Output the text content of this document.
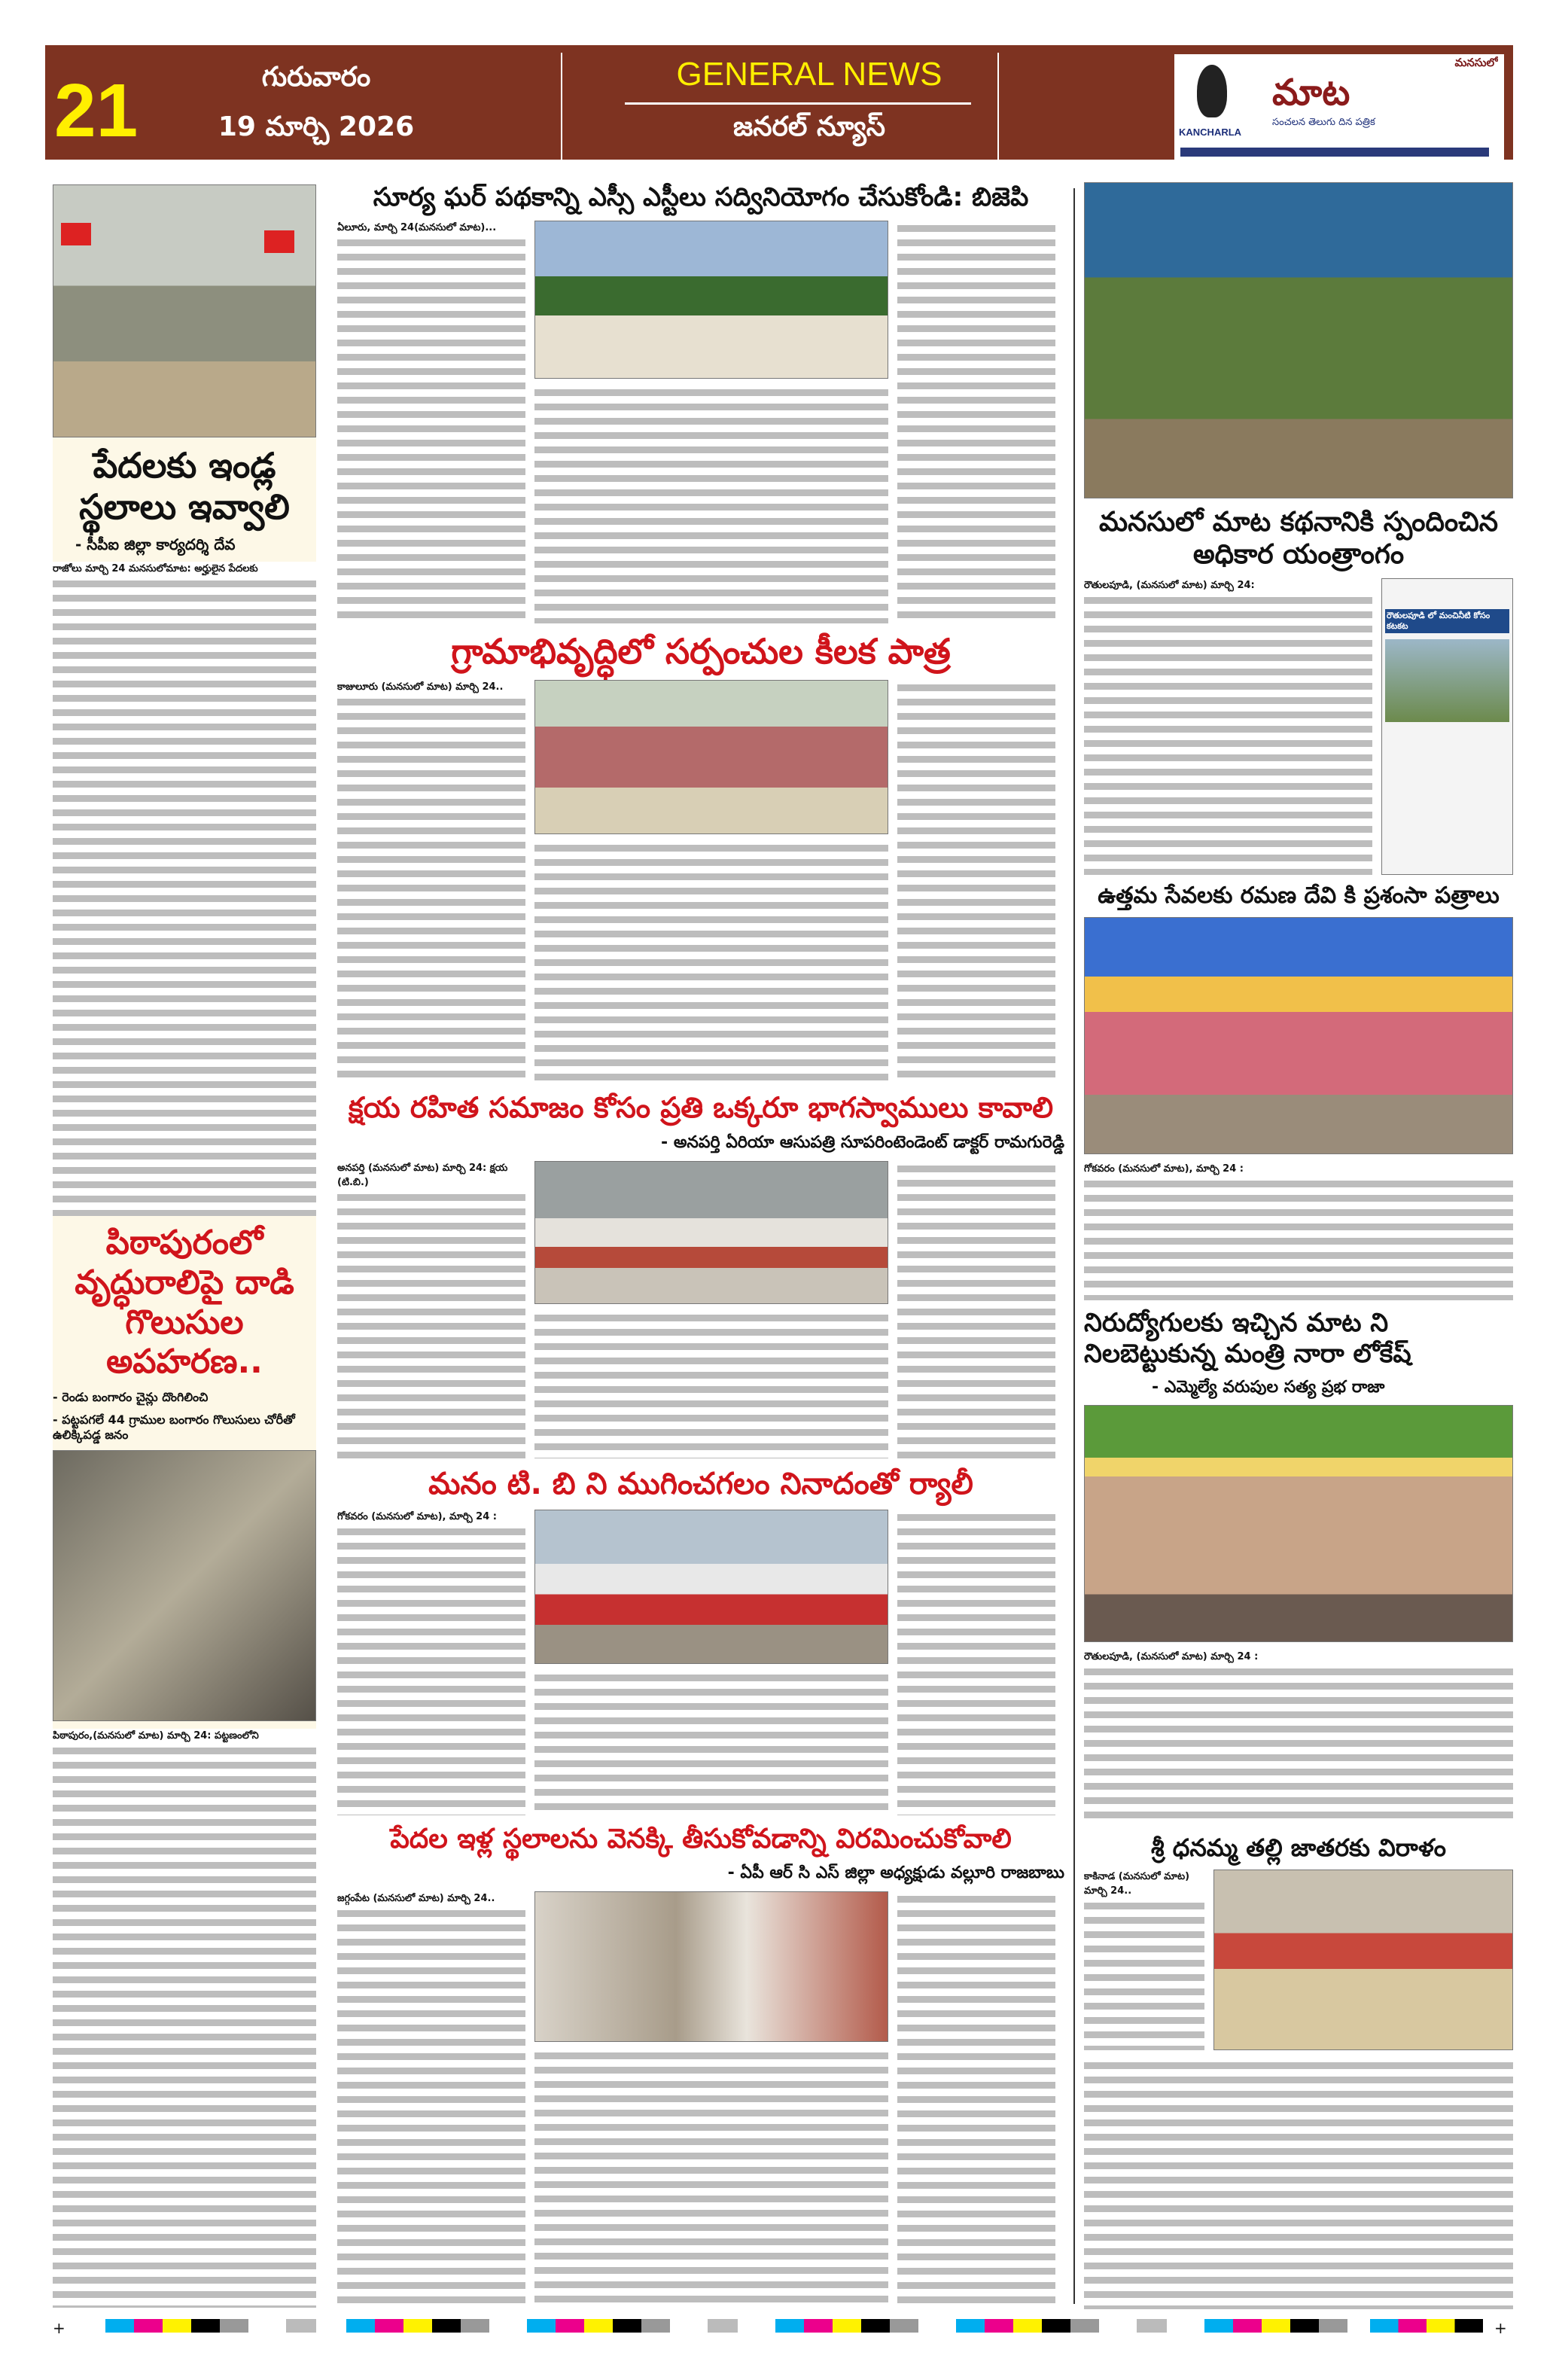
21	గురువారం
19 మార్చి 2026
GENERAL NEWS
జనరల్ న్యూస్	KANCHARLA
మనసులో
మాట
సంచలన తెలుగు దిన పత్రిక
పేదలకు ఇండ్ల స్థలాలు ఇవ్వాలి
- సీపీఐ జిల్లా కార్యదర్శి దేవ
రాజోలు మార్చి 24 మనసులోమాట: అర్హులైన పేదలకు
పిఠాపురంలో వృద్ధురాలిపై దాడి గొలుసుల అపహరణ..
- రెండు బంగారం చైన్లు దొంగిలించి
- పట్టపగలే 44 గ్రాముల బంగారం గొలుసులు చోరీతో ఉలిక్కిపడ్డ జనం
పిఠాపురం,(మనసులో మాట) మార్చి 24: పట్టణంలోని
సూర్య ఘర్ పథకాన్ని ఎస్సీ ఎస్టీలు సద్వినియోగం చేసుకోండి: బిజెపి
ఏలూరు, మార్చి 24(మనసులో మాట)...
గ్రామాభివృద్ధిలో సర్పంచుల కీలక పాత్ర
కాజులూరు (మనసులో మాట) మార్చి 24..
క్షయ రహిత సమాజం కోసం ప్రతి ఒక్కరూ భాగస్వాములు కావాలి
- అనపర్తి ఏరియా ఆసుపత్రి సూపరింటెండెంట్ డాక్టర్ రామగురెడ్డి
అనపర్తి (మనసులో మాట) మార్చి 24: క్షయ (టి.బి.)
మనం టి. బి ని ముగించగలం నినాదంతో ర్యాలీ
గోకవరం (మనసులో మాట), మార్చి 24 :
పేదల ఇళ్ల స్థలాలను వెనక్కి తీసుకోవడాన్ని విరమించుకోవాలి
- ఏపీ ఆర్ సి ఎస్ జిల్లా అధ్యక్షుడు వల్లూరి రాజబాబు
జగ్గంపేట (మనసులో మాట) మార్చి 24..
మనసులో మాట కథనానికి స్పందించిన అధికార యంత్రాంగం
రౌతులపూడి, (మనసులో మాట) మార్చి 24:
రౌతులపూడి లో మంచినీటి కోసం కటకట
ఉత్తమ సేవలకు రమణ దేవి కి ప్రశంసా పత్రాలు
గోకవరం (మనసులో మాట), మార్చి 24 :
నిరుద్యోగులకు ఇచ్చిన మాట ని నిలబెట్టుకున్న మంత్రి నారా లోకేష్
- ఎమ్మెల్యే వరుపుల సత్య ప్రభ రాజా
రౌతులపూడి, (మనసులో మాట) మార్చి 24 :
శ్రీ ధనమ్మ తల్లి జాతరకు విరాళం
కాకినాడ (మనసులో మాట) మార్చి 24..
+	+
